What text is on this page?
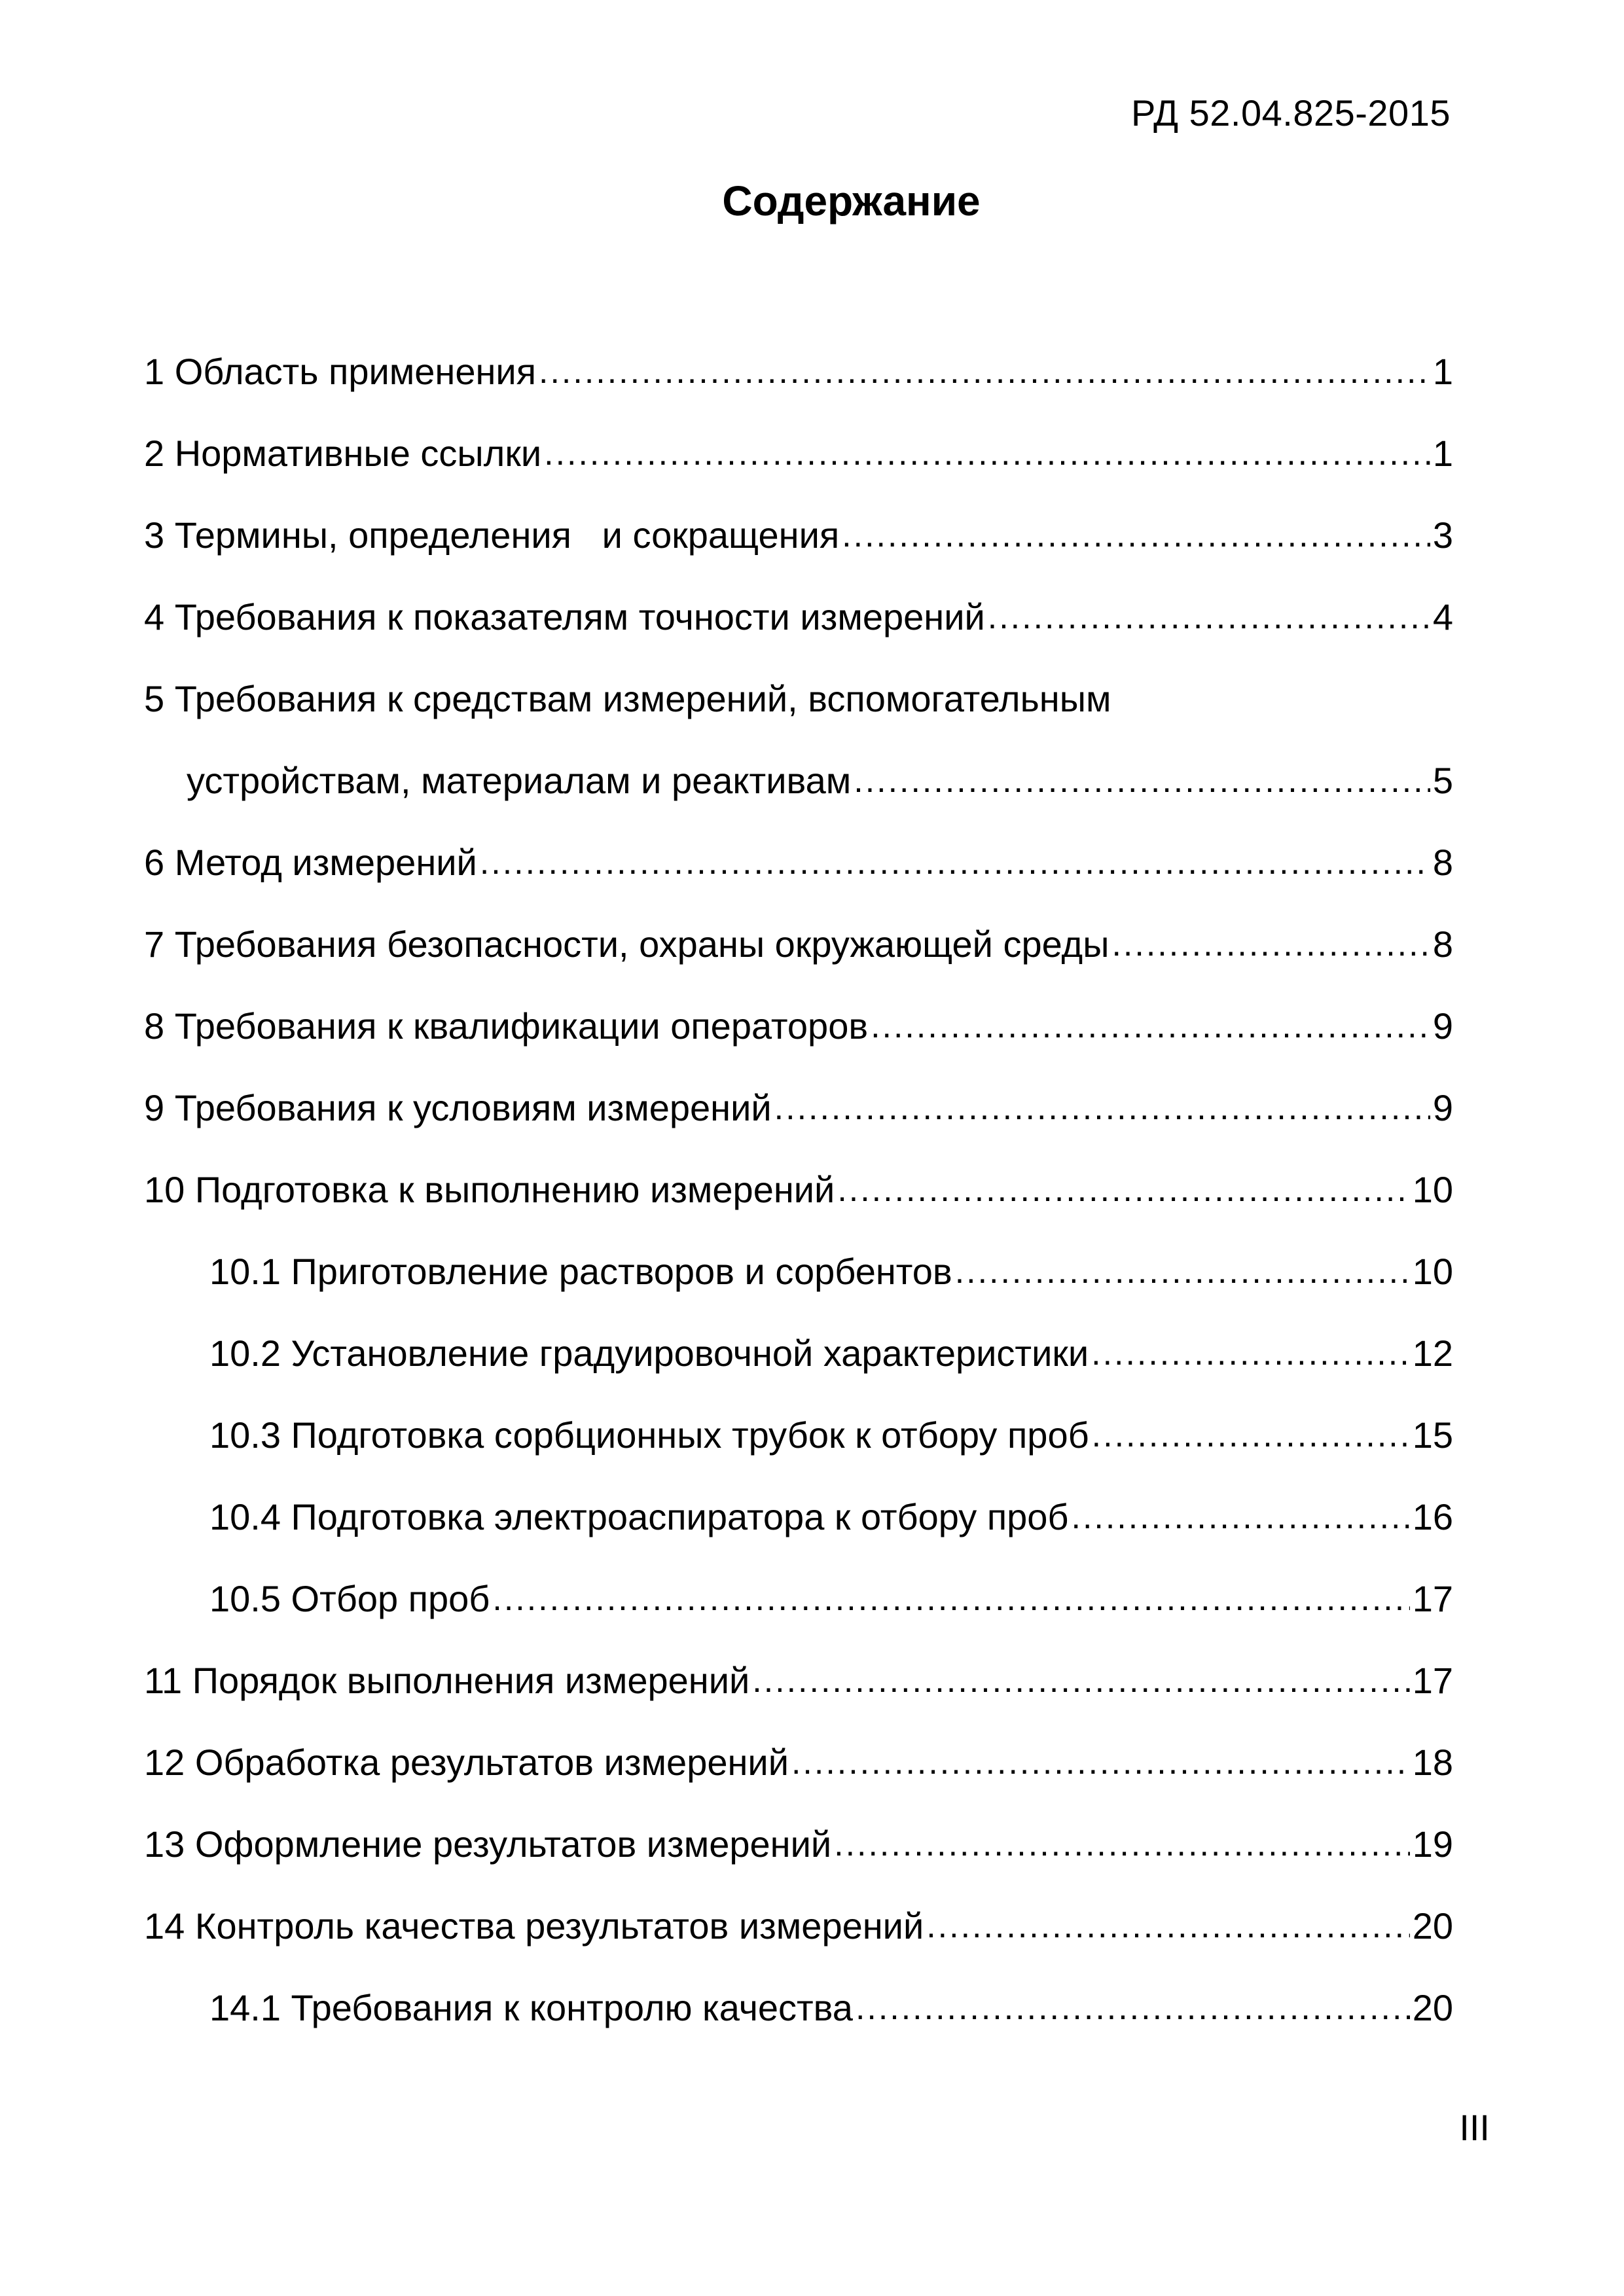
РД 52.04.825-2015
Содержание
1 Область применения .....	1
2 Нормативные ссылки .....	1
3 Термины, определения   и сокращения .....	3
4 Требования к показателям точности измерений .....	4
5 Требования к средствам измерений, вспомогательным
устройствам, материалам и реактивам .....	5
6 Метод измерений .....	8
7 Требования безопасности, охраны окружающей среды .....	8
8 Требования к квалификации операторов .....	9
9 Требования к условиям измерений .....	9
10 Подготовка к выполнению измерений .....	10
10.1 Приготовление растворов и сорбентов .....	10
10.2 Установление градуировочной характеристики .....	12
10.3 Подготовка сорбционных трубок к отбору проб .....	15
10.4 Подготовка электроаспиратора к отбору проб .....	16
10.5 Отбор проб .....	17
11 Порядок выполнения измерений .....	17
12 Обработка результатов измерений .....	18
13 Оформление результатов измерений .....	19
14 Контроль качества результатов измерений .....	20
14.1 Требования к контролю качества .....	20
III
